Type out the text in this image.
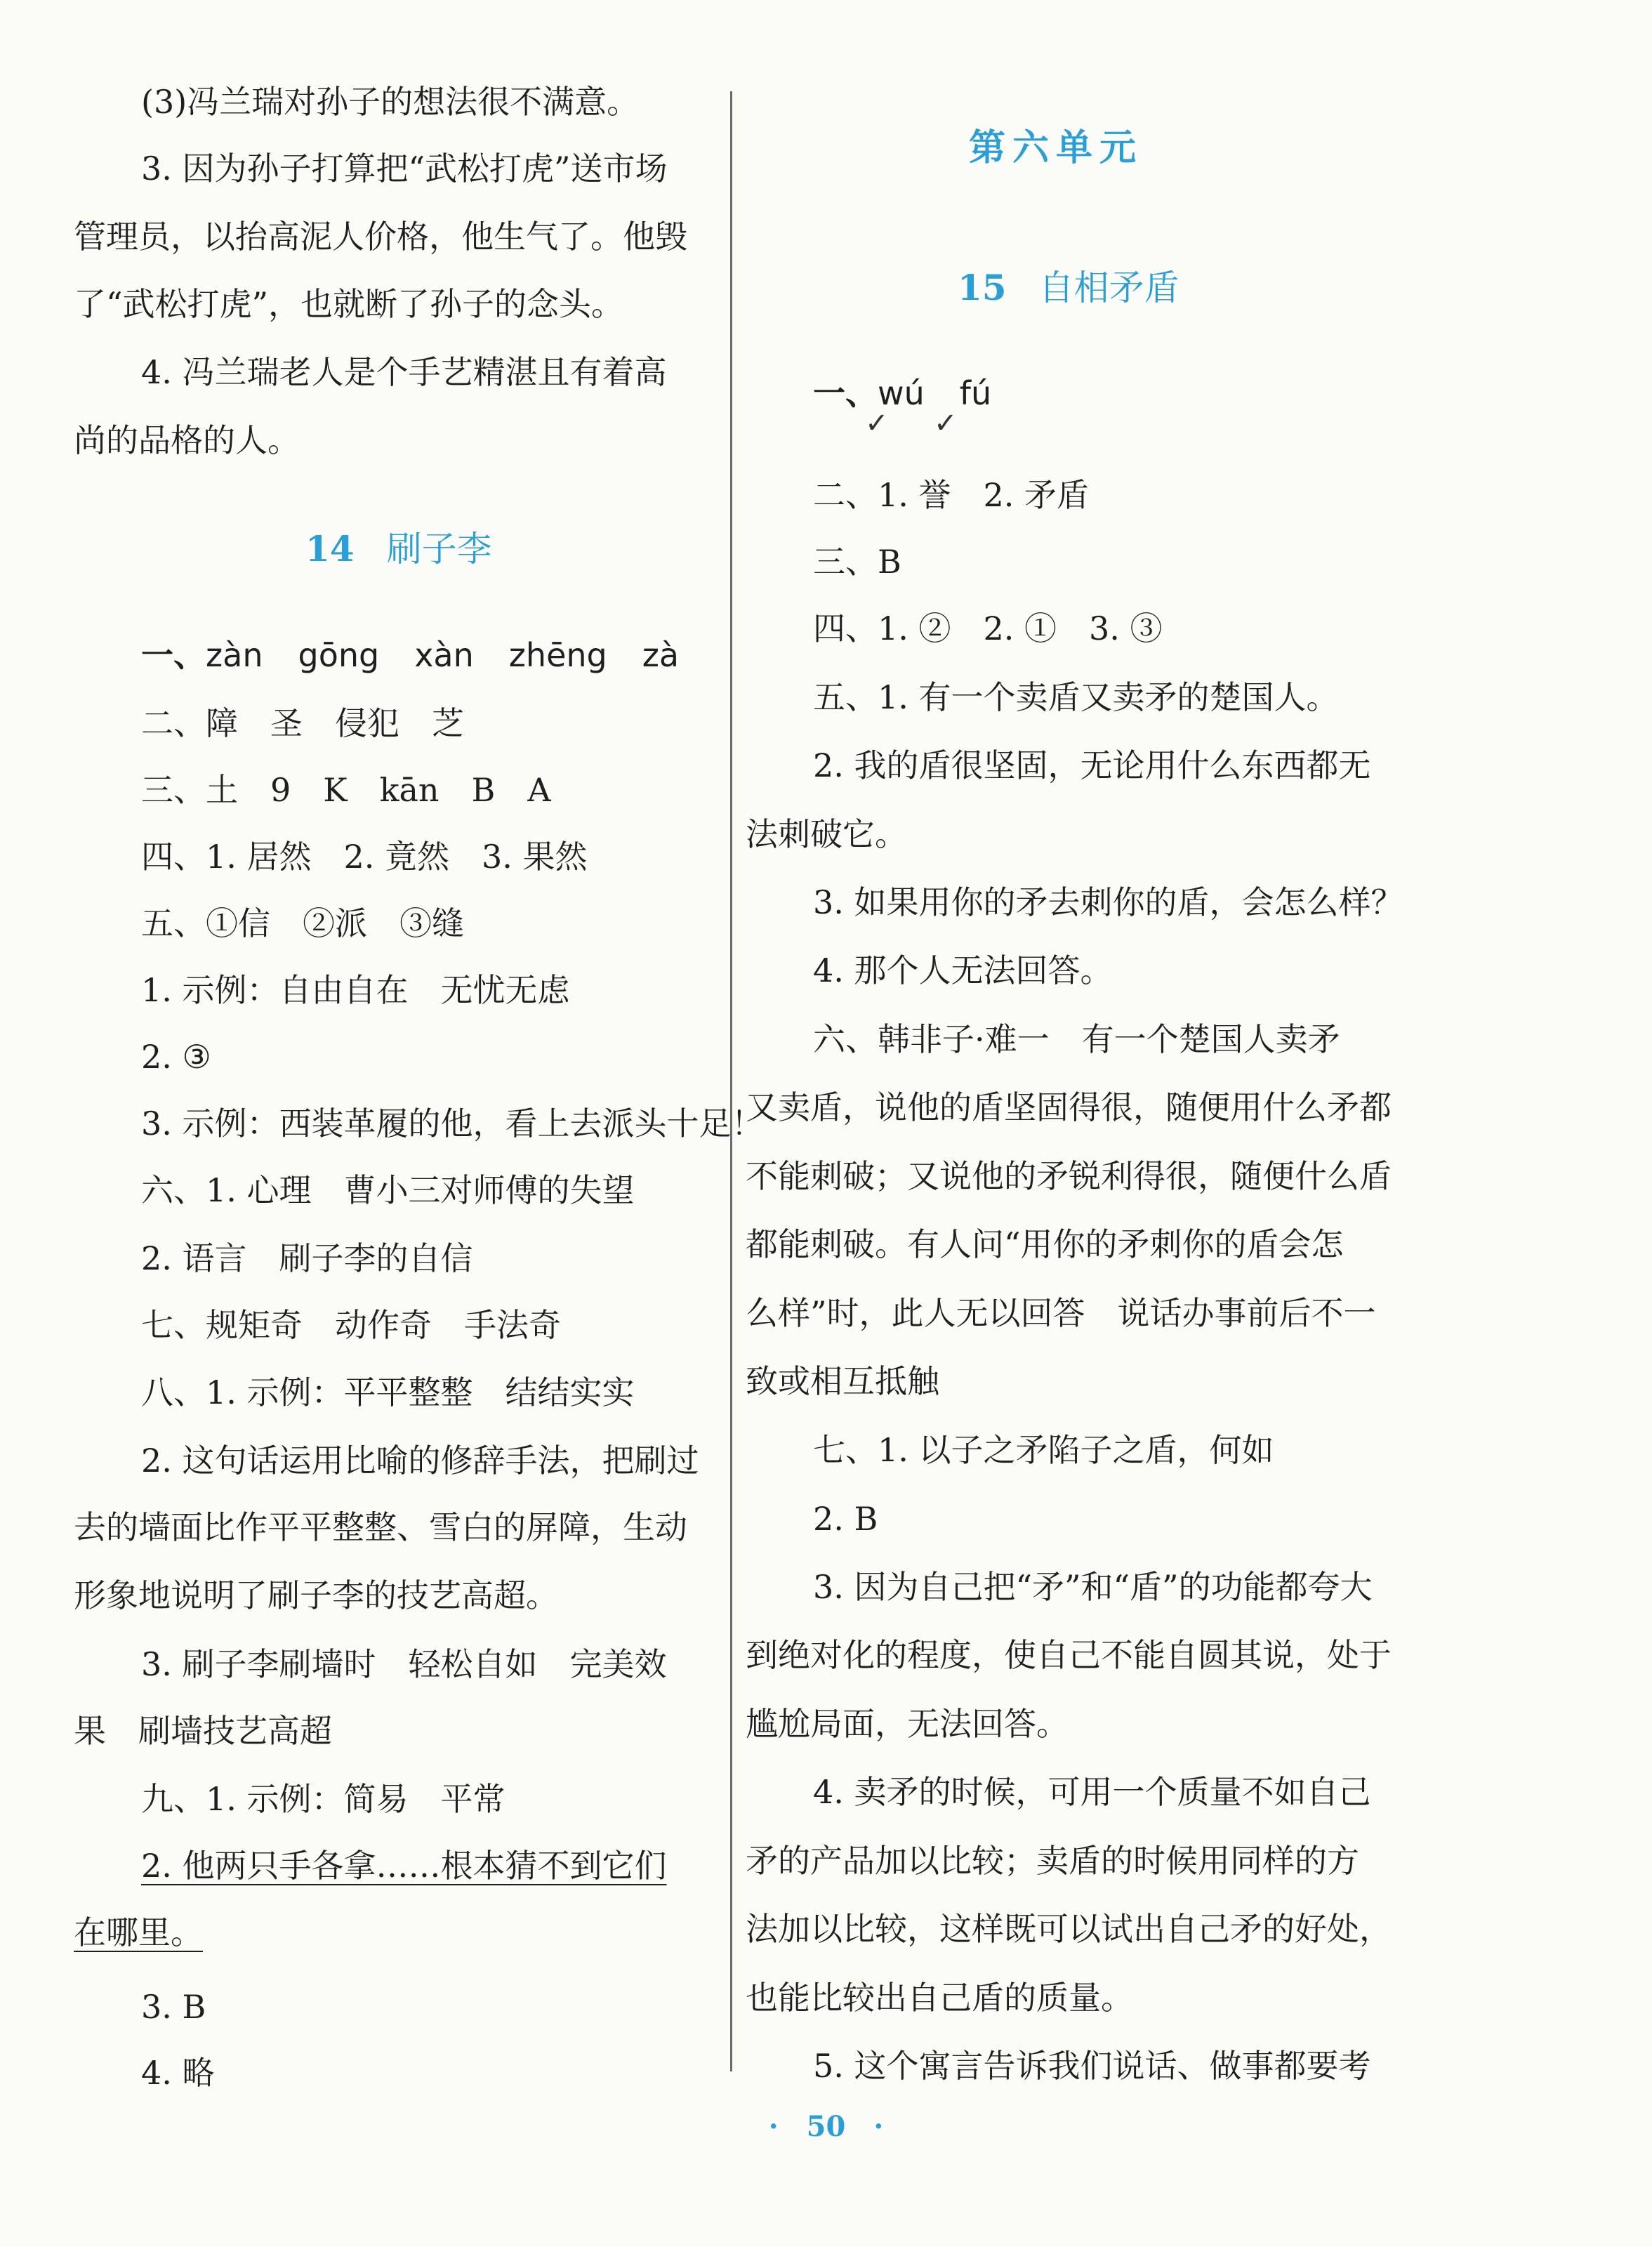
(3)冯兰瑞对孙子的想法很不满意。
3. 因为孙子打算把“武松打虎”送市场
管理员，以抬高泥人价格，他生气了。他毁
了“武松打虎”，也就断了孙子的念头。
4. 冯兰瑞老人是个手艺精湛且有着高
尚的品格的人。
14 刷子李
一、zàn gōng xàn zhēng zà
二、障　圣　侵犯　芝
三、土　9　K　kān　B　A
四、1. 居然　2. 竟然　3. 果然
五、①信　②派　③缝
1. 示例：自由自在　无忧无虑
2. ③
3. 示例：西装革履的他，看上去派头十足！
六、1. 心理　曹小三对师傅的失望
2. 语言　刷子李的自信
七、规矩奇　动作奇　手法奇
八、1. 示例：平平整整　结结实实
2. 这句话运用比喻的修辞手法，把刷过
去的墙面比作平平整整、雪白的屏障，生动
形象地说明了刷子李的技艺高超。
3. 刷子李刷墙时　轻松自如　完美效
果　刷墙技艺高超
九、1. 示例：简易　平常
2. 他两只手各拿……根本猜不到它们
在哪里。
3. B
4. 略
第六单元
15 自相矛盾
一、wú fú
✓ ✓
二、1. 誉　2. 矛盾
三、B
四、1. ②　2. ①　3. ③
五、1. 有一个卖盾又卖矛的楚国人。
2. 我的盾很坚固，无论用什么东西都无
法刺破它。
3. 如果用你的矛去刺你的盾，会怎么样？
4. 那个人无法回答。
六、韩非子·难一　有一个楚国人卖矛
又卖盾，说他的盾坚固得很，随便用什么矛都
不能刺破；又说他的矛锐利得很，随便什么盾
都能刺破。有人问“用你的矛刺你的盾会怎
么样”时，此人无以回答　说话办事前后不一
致或相互抵触
七、1. 以子之矛陷子之盾，何如
2. B
3. 因为自己把“矛”和“盾”的功能都夸大
到绝对化的程度，使自己不能自圆其说，处于
尴尬局面，无法回答。
4. 卖矛的时候，可用一个质量不如自己
矛的产品加以比较；卖盾的时候用同样的方
法加以比较，这样既可以试出自己矛的好处，
也能比较出自己盾的质量。
5. 这个寓言告诉我们说话、做事都要考
· 50 ·
